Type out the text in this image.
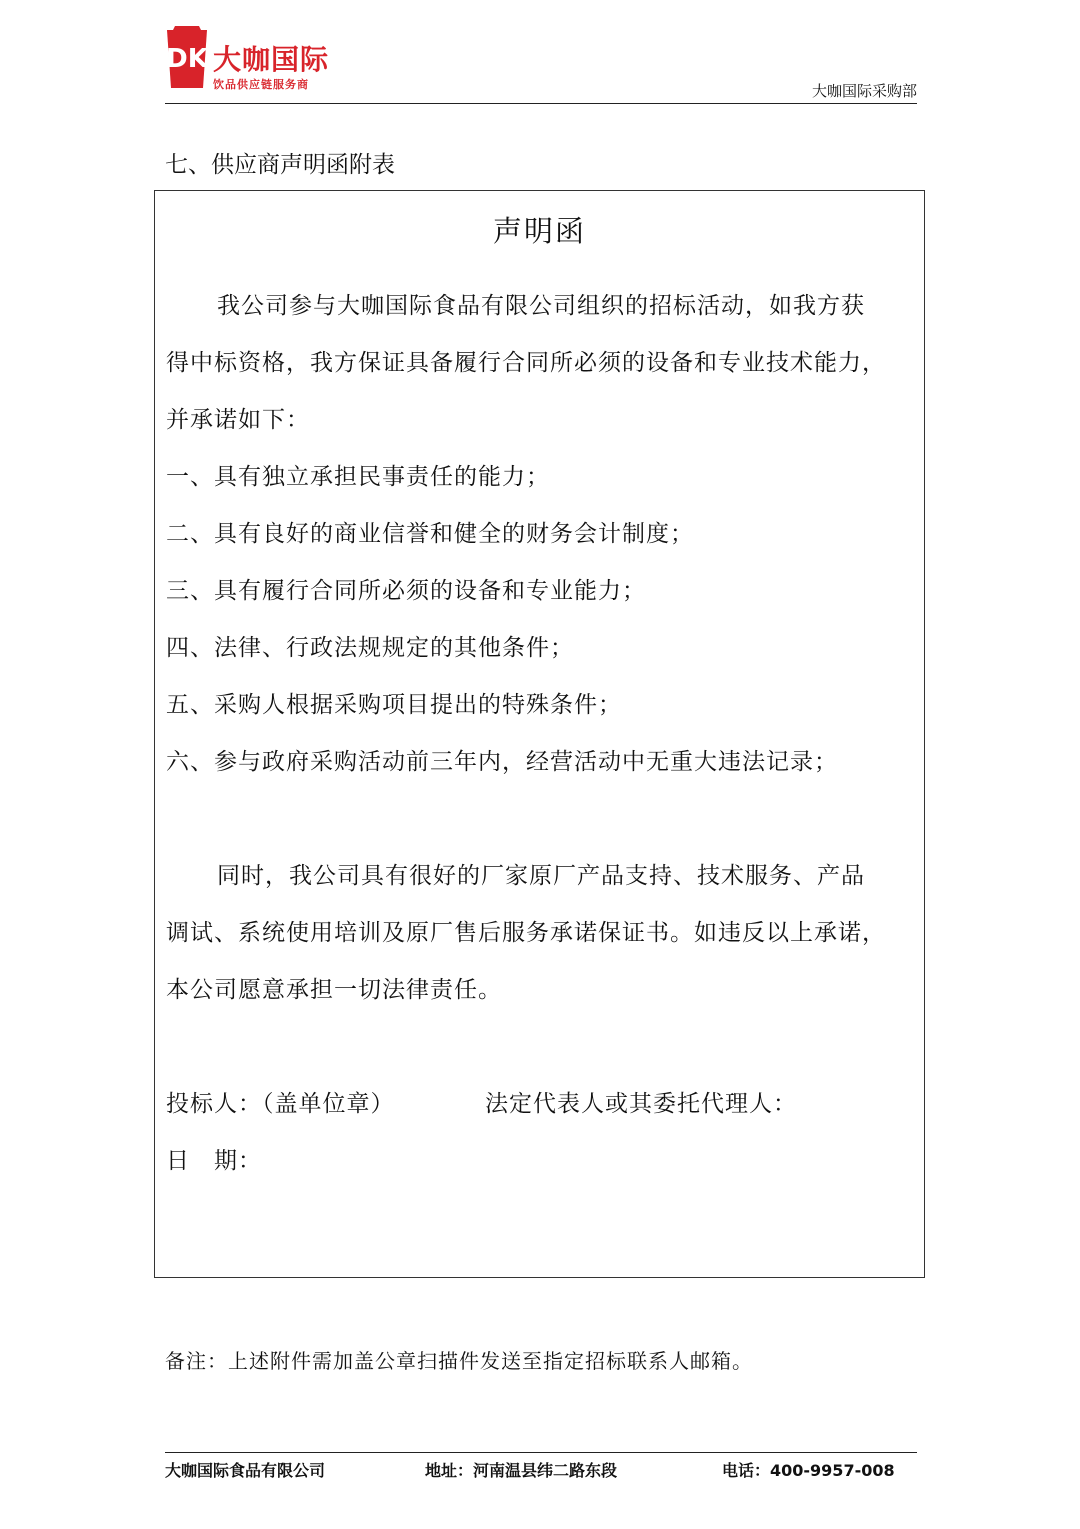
DK 大咖国际
饮品供应链服务商	大咖国际采购部
七、供应商声明函附表
声明函
我公司参与大咖国际食品有限公司组织的招标活动，如我方获
得中标资格，我方保证具备履行合同所必须的设备和专业技术能力，
并承诺如下：
一、具有独立承担民事责任的能力；
二、具有良好的商业信誉和健全的财务会计制度；
三、具有履行合同所必须的设备和专业能力；
四、法律、行政法规规定的其他条件；
五、采购人根据采购项目提出的特殊条件；
六、参与政府采购活动前三年内，经营活动中无重大违法记录；
同时，我公司具有很好的厂家原厂产品支持、技术服务、产品
调试、系统使用培训及原厂售后服务承诺保证书。如违反以上承诺，
本公司愿意承担一切法律责任。
投标人：（盖单位章）	法定代表人或其委托代理人：
日　期：
备注：上述附件需加盖公章扫描件发送至指定招标联系人邮箱。
大咖国际食品有限公司	地址：河南温县纬二路东段	电话：400-9957-008
